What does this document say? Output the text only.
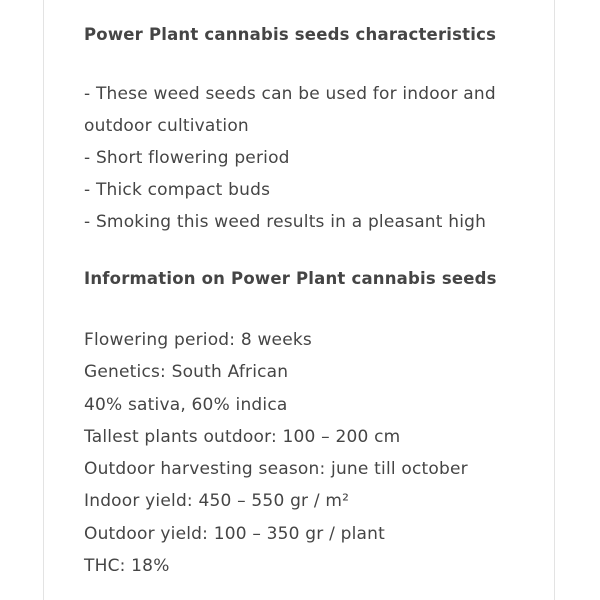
Power Plant cannabis seeds characteristics
- These weed seeds can be used for indoor and outdoor cultivation
- Short flowering period
- Thick compact buds
- Smoking this weed results in a pleasant high
Information on Power Plant cannabis seeds
Flowering period: 8 weeks
Genetics: South African
40% sativa, 60% indica
Tallest plants outdoor: 100 – 200 cm
Outdoor harvesting season: june till october
Indoor yield: 450 – 550 gr / m²
Outdoor yield: 100 – 350 gr / plant
THC: 18%
